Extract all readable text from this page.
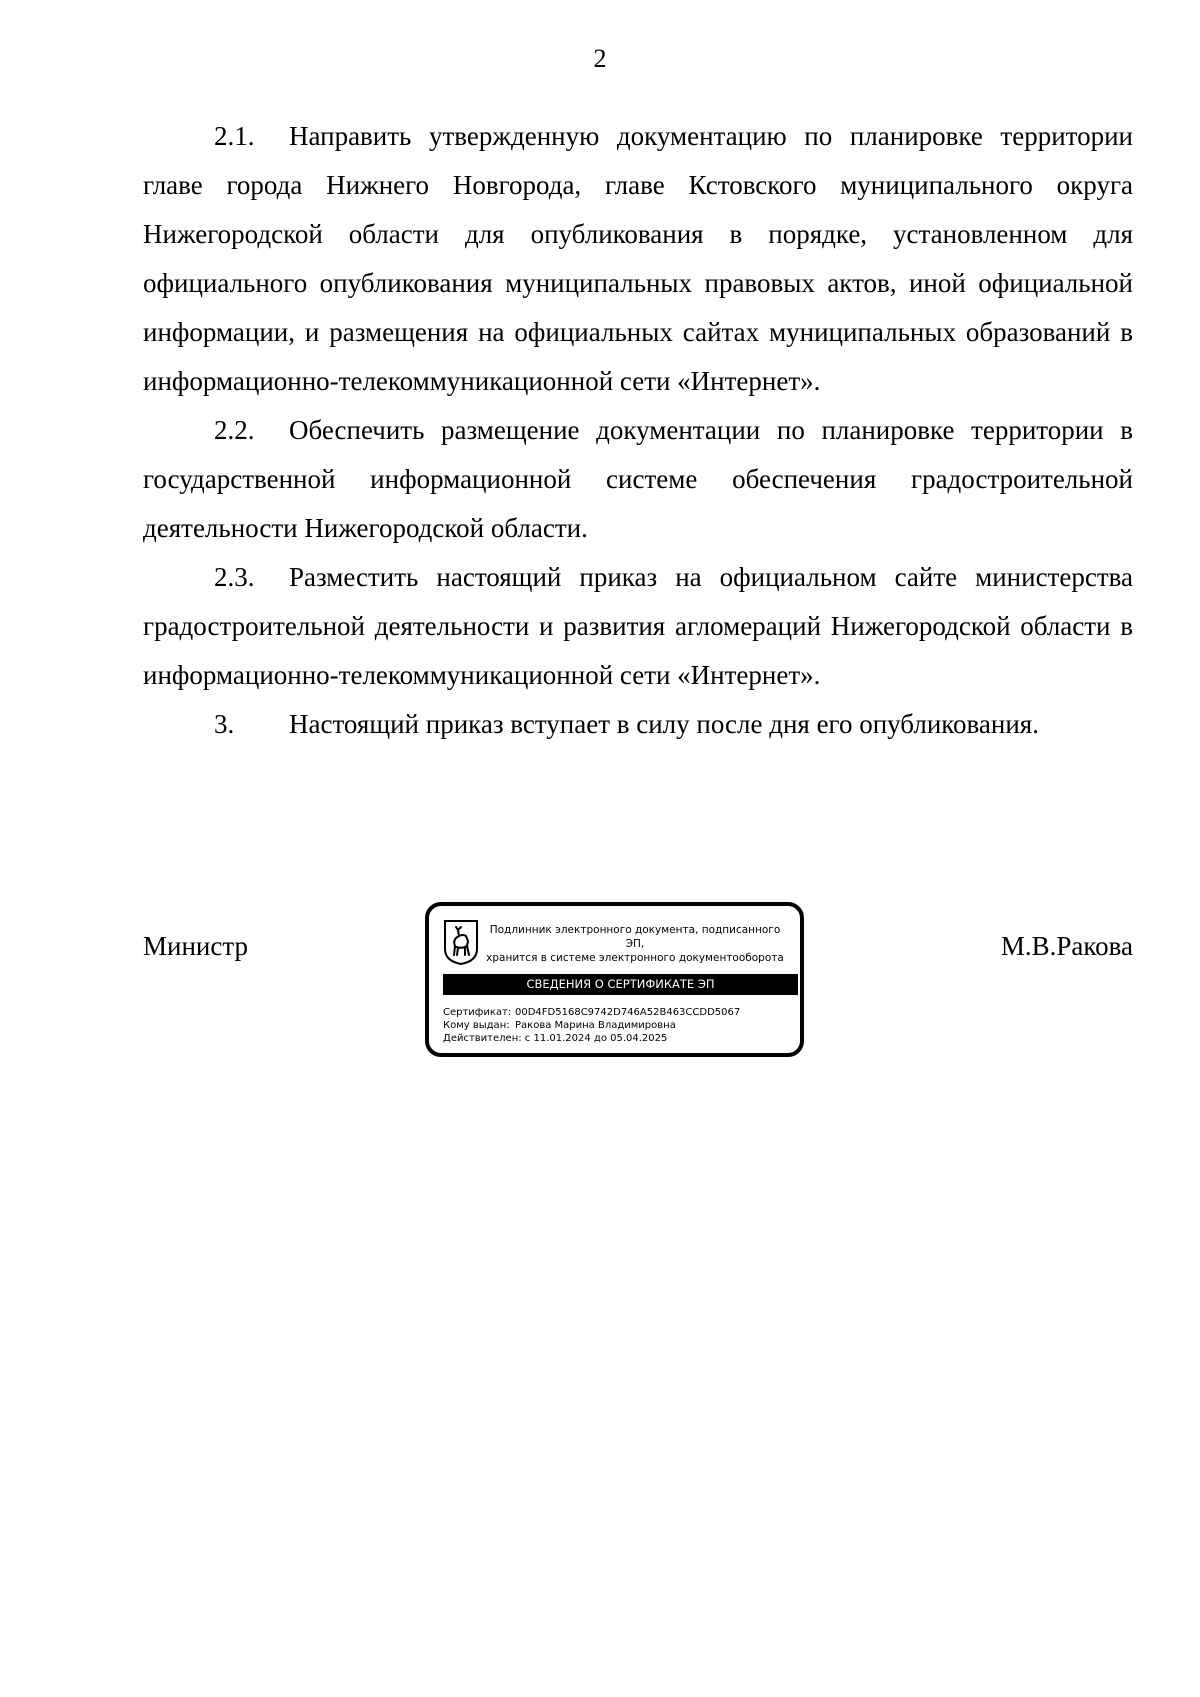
2

2.1. Направить утвержденную документацию по планировке территории главе города Нижнего Новгорода, главе Кстовского муниципального округа Нижегородской области для опубликования в порядке, установленном для официального опубликования муниципальных правовых актов, иной официальной информации, и размещения на официальных сайтах муниципальных образований в информационно-телекоммуникационной сети «Интернет».

2.2. Обеспечить размещение документации по планировке территории в государственной информационной системе обеспечения градостроительной деятельности Нижегородской области.

2.3. Разместить настоящий приказ на официальном сайте министерства градостроительной деятельности и развития агломераций Нижегородской области в информационно-телекоммуникационной сети «Интернет».

3. Настоящий приказ вступает в силу после дня его опубликования.

Министр	М.В.Ракова
Подлинник электронного документа, подписанного ЭП,
хранится в системе электронного документооборота
СВЕДЕНИЯ О СЕРТИФИКАТЕ ЭП
Сертификат: 00D4FD5168C9742D746A52B463CCDD5067
Кому выдан: Ракова Марина Владимировна
Действителен: с 11.01.2024 до 05.04.2025
